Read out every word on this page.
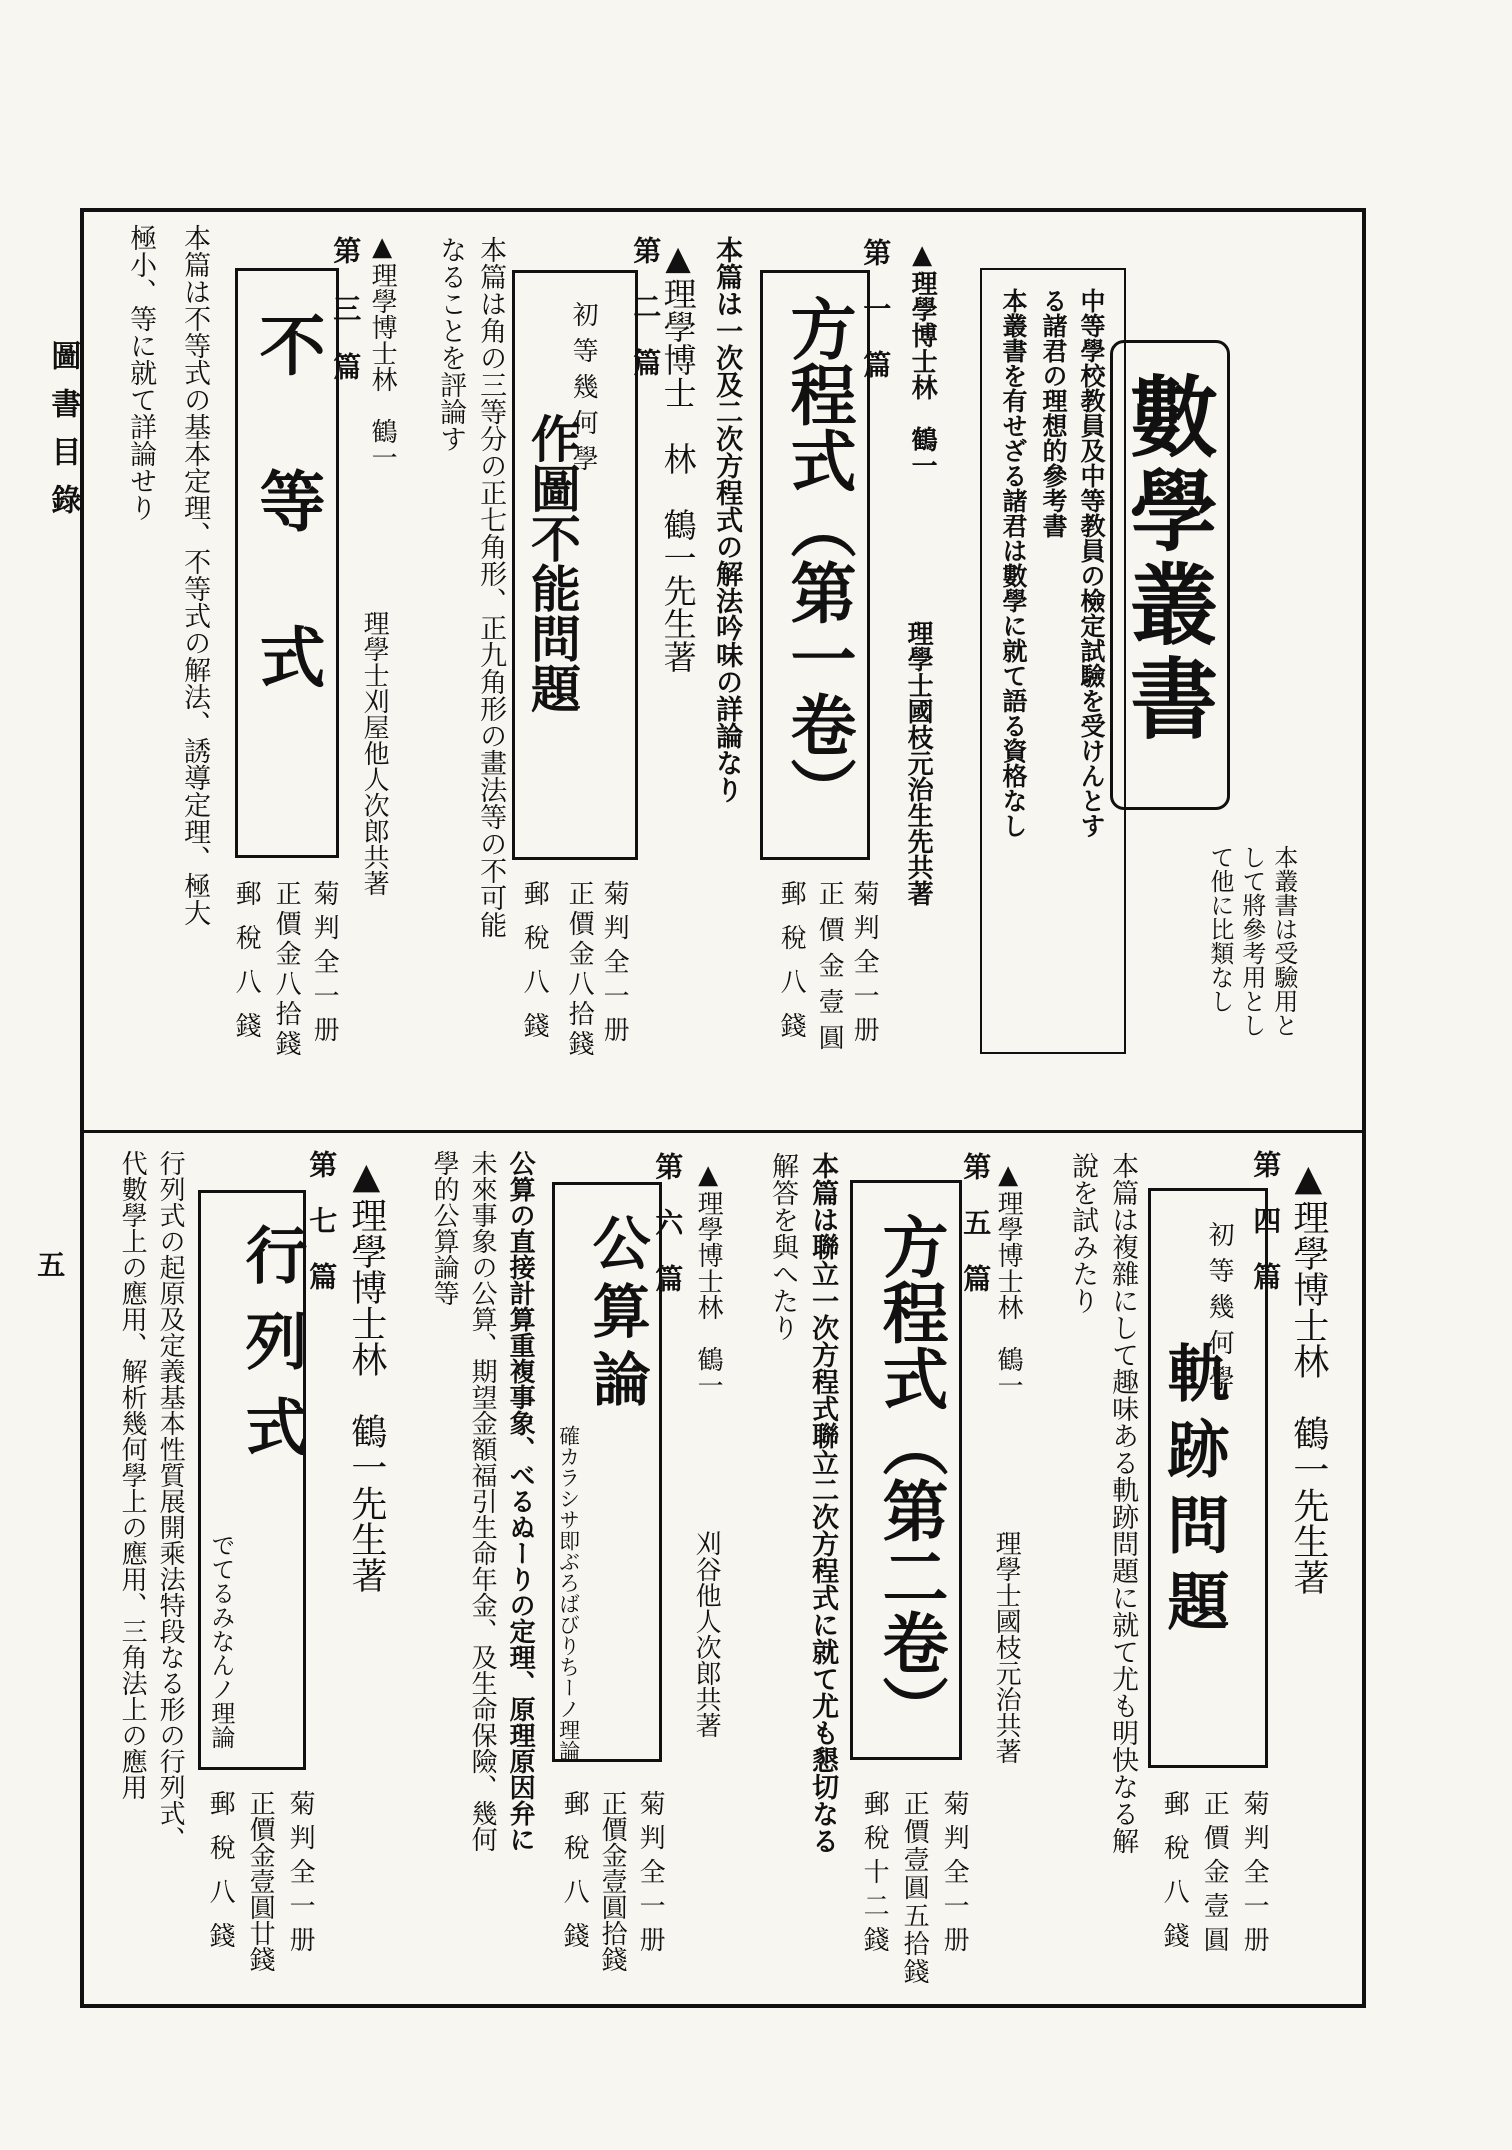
圖書目錄
五
數學叢書
本叢書は受驗用と
して將參考用とし
て他に比類なし
中等學校教員及中等教員の檢定試驗を受けんとす
る諸君の理想的參考書
本叢書を有せざる諸君は數學に就て語る資格なし
▲理學博士林　鶴一
理學士國枝元治生先共著
第一篇
方程式（第一卷）
本篇は一次及二次方程式の解法吟味の詳論なり
菊判全一册
正價金壹圓
郵稅八錢
第二篇
▲理學博士　林　鶴一先生著
初等幾何學
作圖不能問題
本篇は角の三等分の正七角形、正九角形の畫法等の不可能
なることを評論す
菊判全一册
正價金八拾錢
郵稅八錢
第三篇 ▲理學博士林　鶴一
理學士刈屋他人次郎共著
不等式
本篇は不等式の基本定理、不等式の解法、誘導定理、極大
極小、等に就て詳論せり
菊判全一册
正價金八拾錢
郵稅八錢
▲理學博士林　鶴一先生著
第四篇
初等幾何學
軌跡問題
本篇は複雜にして趣味ある軌跡問題に就て尤も明快なる解
說を試みたり
菊判全一册
正價金壹圓
郵稅八錢
第五篇 ▲理學博士林　鶴一
理學士國枝元治共著
方程式（第二卷）
本篇は聯立一次方程式聯立二次方程式に就て尤も懇切なる
解答を與へたり
菊判全一册
正價壹圓五拾錢
郵稅十二錢
▲理學博士林　鶴一
刈谷他人次郎共著
第六篇
公算論
確カラシサ即ぶろばびりちーノ理論
公算の直接計算重複事象、べるぬーりの定理、原理原因弁に
未來事象の公算、期望金額福引生命年金、及生命保險、幾何
學的公算論等
菊判全一册
正價金壹圓拾錢
郵稅八錢
▲理學博士林　鶴一先生著
第七篇
行列式
でてるみなんノ理論
行列式の起原及定義基本性質展開乘法特段なる形の行列式、
代數學上の應用、解析幾何學上の應用、三角法上の應用
菊判全一册
正價金壹圓廿錢
郵稅八錢
